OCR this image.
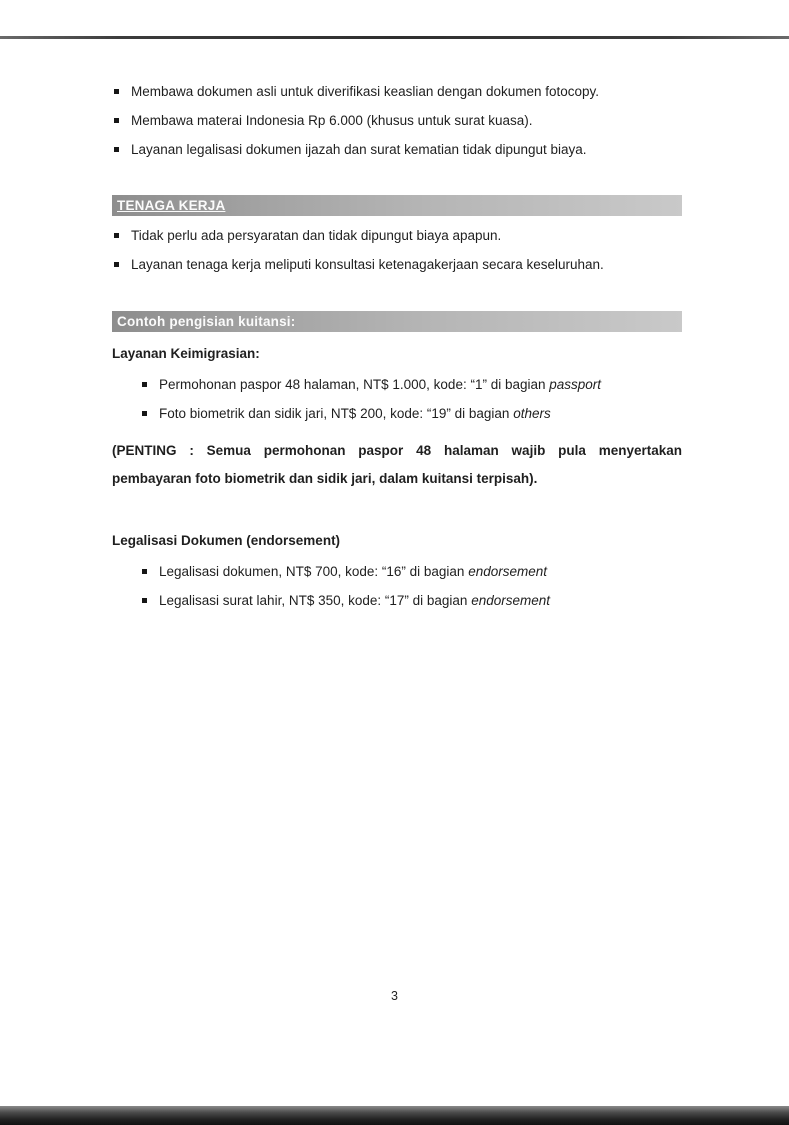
Membawa dokumen asli untuk diverifikasi keaslian dengan dokumen fotocopy.
Membawa materai Indonesia Rp 6.000 (khusus untuk surat kuasa).
Layanan legalisasi dokumen ijazah dan surat kematian tidak dipungut biaya.
TENAGA KERJA
Tidak perlu ada persyaratan dan tidak dipungut biaya apapun.
Layanan tenaga kerja meliputi konsultasi ketenagakerjaan secara keseluruhan.
Contoh pengisian kuitansi:
Layanan Keimigrasian:
Permohonan paspor 48 halaman, NT$ 1.000, kode: “1” di bagian passport
Foto biometrik dan sidik jari, NT$ 200, kode: “19” di bagian others

(PENTING : Semua permohonan paspor 48 halaman wajib pula menyertakan pembayaran foto biometrik dan sidik jari, dalam kuitansi terpisah).

Legalisasi Dokumen (endorsement)
Legalisasi dokumen, NT$ 700, kode: “16” di bagian endorsement
Legalisasi surat lahir, NT$ 350, kode: “17” di bagian endorsement
3
